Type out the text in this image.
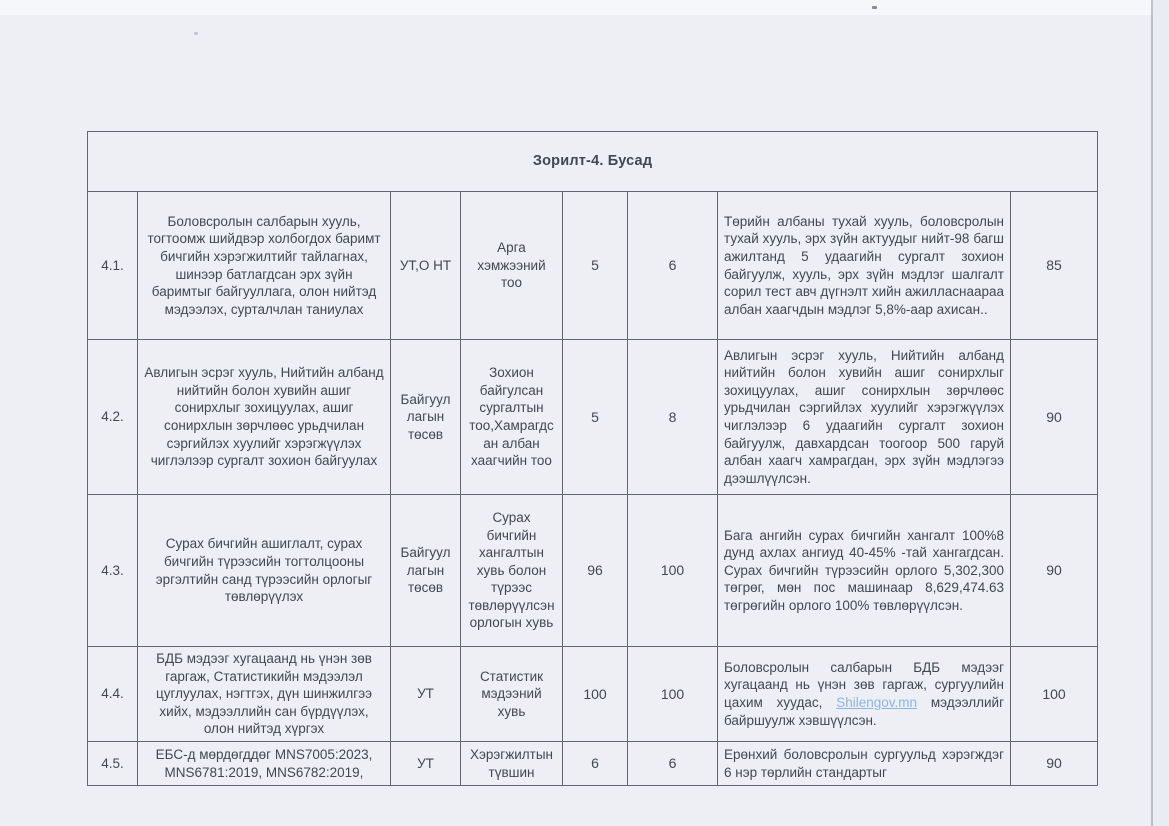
Зорилт-4. Бусад							
4.1.	Боловсролын салбарын хууль, тогтоомж шийдвэр холбогдох баримт бичгийн хэрэгжилтийг тайлагнах, шинээр батлагдсан эрх зүйн баримтыг байгууллага, олон нийтэд мэдээлэх, сурталчлан таниулах	УТ,О НТ	Арга хэмжээний тоо	5	6	Төрийн албаны тухай хууль, боловсролын тухай хууль, эрх зүйн актуудыг нийт-98 багш ажилтанд 5 удаагийн сургалт зохион байгуулж, хууль, эрх зүйн мэдлэг шалгалт сорил тест авч дүгнэлт хийн ажилласнаараа албан хаагчдын мэдлэг 5,8%-аар ахисан..	85
4.2.	Авлигын эсрэг хууль, Нийтийн албанд нийтийн болон хувийн ашиг сонирхлыг зохицуулах, ашиг сонирхлын зөрчлөөс урьдчилан сэргийлэх хуулийг хэрэгжүүлэх чиглэлээр сургалт зохион байгуулах	Байгууллагын төсөв	Зохион байгулсан сургалтын тоо,Хамрагдсан албан хаагчийн тоо	5	8	Авлигын эсрэг хууль, Нийтийн албанд нийтийн болон хувийн ашиг сонирхлыг зохицуулах, ашиг сонирхлын зөрчлөөс урьдчилан сэргийлэх хуулийг хэрэгжүүлэх чиглэлээр 6 удаагийн сургалт зохион байгуулж, давхардсан тоогоор 500 гаруй албан хаагч хамрагдан, эрх зүйн мэдлэгээ дээшлүүлсэн.	90
4.3.	Сурах бичгийн ашиглалт, сурах бичгийн түрээсийн тогтолцооны эргэлтийн санд түрээсийн орлогыг төвлөрүүлэх	Байгууллагын төсөв	Сурах бичгийн хангалтын хувь болон түрээс төвлөрүүлсэн орлогын хувь	96	100	Бага ангийн сурах бичгийн хангалт 100%8 дунд ахлах ангиуд 40-45% -тай хангагдсан. Сурах бичгийн түрээсийн орлого 5,302,300 төгрөг, мөн пос машинаар 8,629,474.63 төгрөгийн орлого 100% төвлөрүүлсэн.	90
4.4.	БДБ мэдээг хугацаанд нь үнэн зөв гаргаж, Статистикийн мэдээлэл цуглуулах, нэгтгэх, дүн шинжилгээ хийх, мэдээллийн сан бүрдүүлэх, олон нийтэд хүргэх	УТ	Статистик мэдээний хувь	100	100	Боловсролын салбарын БДБ мэдээг хугацаанд нь үнэн зөв гаргаж, сургуулийн цахим хуудас, Shilengov.mn мэдээллийг байршуулж хэвшүүлсэн.	100
4.5.	ЕБС-д мөрдөгддөг MNS7005:2023, MNS6781:2019, MNS6782:2019,	УТ	Хэрэгжилтын түвшин	6	6	Ерөнхий боловсролын сургуульд хэрэгждэг 6 нэр төрлийн стандартыг	90
